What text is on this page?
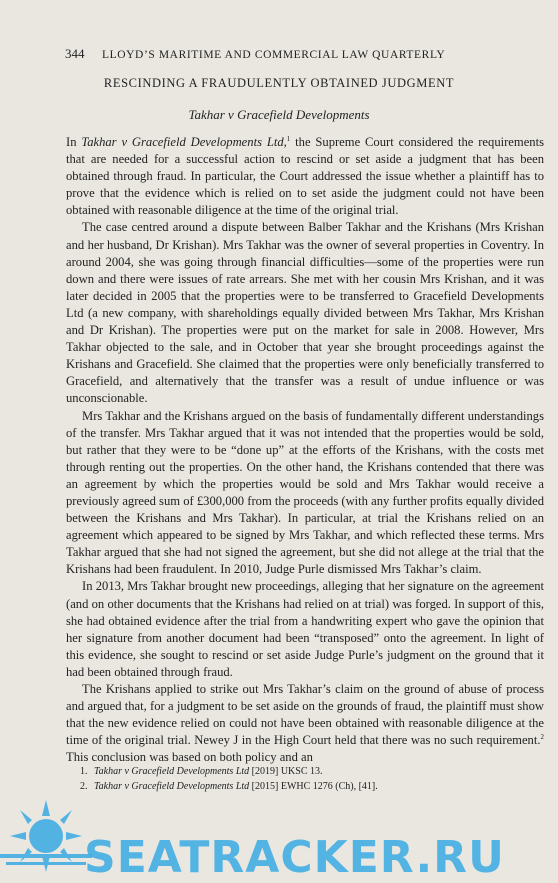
344 LLOYD’S MARITIME AND COMMERCIAL LAW QUARTERLY
RESCINDING A FRAUDULENTLY OBTAINED JUDGMENT
Takhar v Gracefield Developments

In Takhar v Gracefield Developments Ltd,$^1$ the Supreme Court considered the requirements that are needed for a successful action to rescind or set aside a judgment that has been obtained through fraud. In particular, the Court addressed the issue whether a plaintiff has to prove that the evidence which is relied on to set aside the judgment could not have been obtained with reasonable diligence at the time of the original trial.

The case centred around a dispute between Balber Takhar and the Krishans (Mrs Krishan and her husband, Dr Krishan). Mrs Takhar was the owner of several properties in Coventry. In around 2004, she was going through financial difficulties—some of the properties were run down and there were issues of rate arrears. She met with her cousin Mrs Krishan, and it was later decided in 2005 that the properties were to be transferred to Gracefield Developments Ltd (a new company, with shareholdings equally divided between Mrs Takhar, Mrs Krishan and Dr Krishan). The properties were put on the market for sale in 2008. However, Mrs Takhar objected to the sale, and in October that year she brought proceedings against the Krishans and Gracefield. She claimed that the properties were only beneficially transferred to Gracefield, and alternatively that the transfer was a result of undue influence or was unconscionable.

Mrs Takhar and the Krishans argued on the basis of fundamentally different understandings of the transfer. Mrs Takhar argued that it was not intended that the properties would be sold, but rather that they were to be “done up” at the efforts of the Krishans, with the costs met through renting out the properties. On the other hand, the Krishans contended that there was an agreement by which the properties would be sold and Mrs Takhar would receive a previously agreed sum of £300,000 from the proceeds (with any further profits equally divided between the Krishans and Mrs Takhar). In particular, at trial the Krishans relied on an agreement which appeared to be signed by Mrs Takhar, and which reflected these terms. Mrs Takhar argued that she had not signed the agreement, but she did not allege at the trial that the Krishans had been fraudulent. In 2010, Judge Purle dismissed Mrs Takhar’s claim.

In 2013, Mrs Takhar brought new proceedings, alleging that her signature on the agreement (and on other documents that the Krishans had relied on at trial) was forged. In support of this, she had obtained evidence after the trial from a handwriting expert who gave the opinion that her signature from another document had been “transposed” onto the agreement. In light of this evidence, she sought to rescind or set aside Judge Purle’s judgment on the ground that it had been obtained through fraud.

The Krishans applied to strike out Mrs Takhar’s claim on the ground of abuse of process and argued that, for a judgment to be set aside on the grounds of fraud, the plaintiff must show that the new evidence relied on could not have been obtained with reasonable diligence at the time of the original trial. Newey J in the High Court held that there was no such requirement.$^2$ This conclusion was based on both policy and an

1. Takhar v Gracefield Developments Ltd [2019] UKSC 13.

2. Takhar v Gracefield Developments Ltd [2015] EWHC 1276 (Ch), [41].

SEATRACKER.RU
